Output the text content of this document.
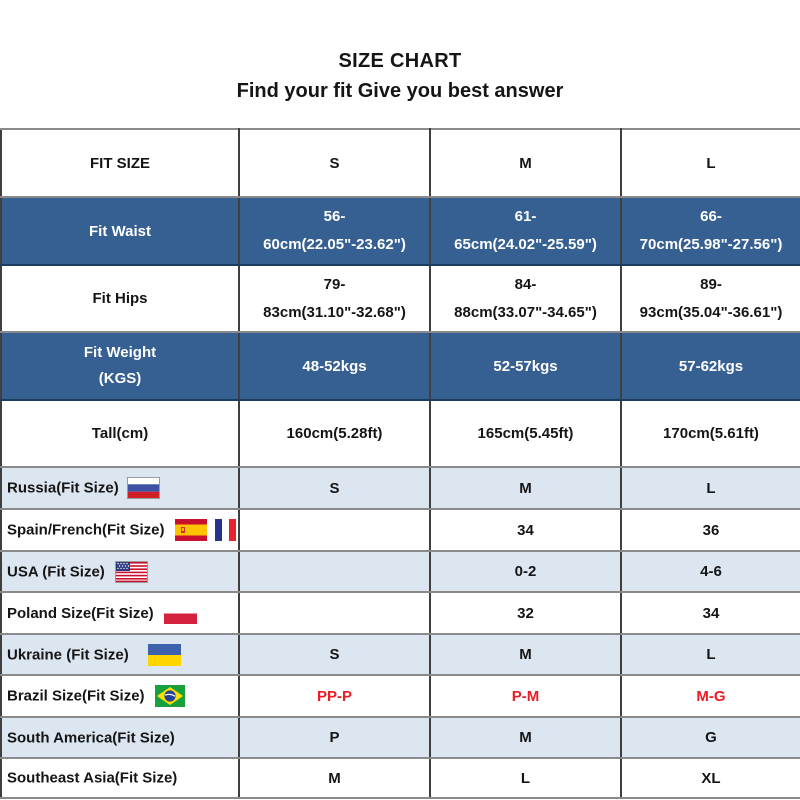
SIZE CHART
Find your fit Give you best answer
FIT SIZE	S	M	L
Fit Waist	56-60cm(22.05"-23.62")	61-65cm(24.02"-25.59")	66-70cm(25.98"-27.56")
Fit Hips	79-83cm(31.10"-32.68")	84-88cm(33.07"-34.65")	89-93cm(35.04"-36.61")
Fit Weight
(KGS)	48-52kgs	52-57kgs	57-62kgs
Tall(cm)	160cm(5.28ft)	165cm(5.45ft)	170cm(5.61ft)
Russia(Fit Size)	S	M	L
Spain/French(Fit Size)		34	36
USA (Fit Size)		0-2	4-6
Poland Size(Fit Size)		32	34
Ukraine (Fit Size)	S	M	L
Brazil Size(Fit Size)	PP-P	P-M	M-G
South America(Fit Size)	P	M	G
Southeast Asia(Fit Size)	M	L	XL
